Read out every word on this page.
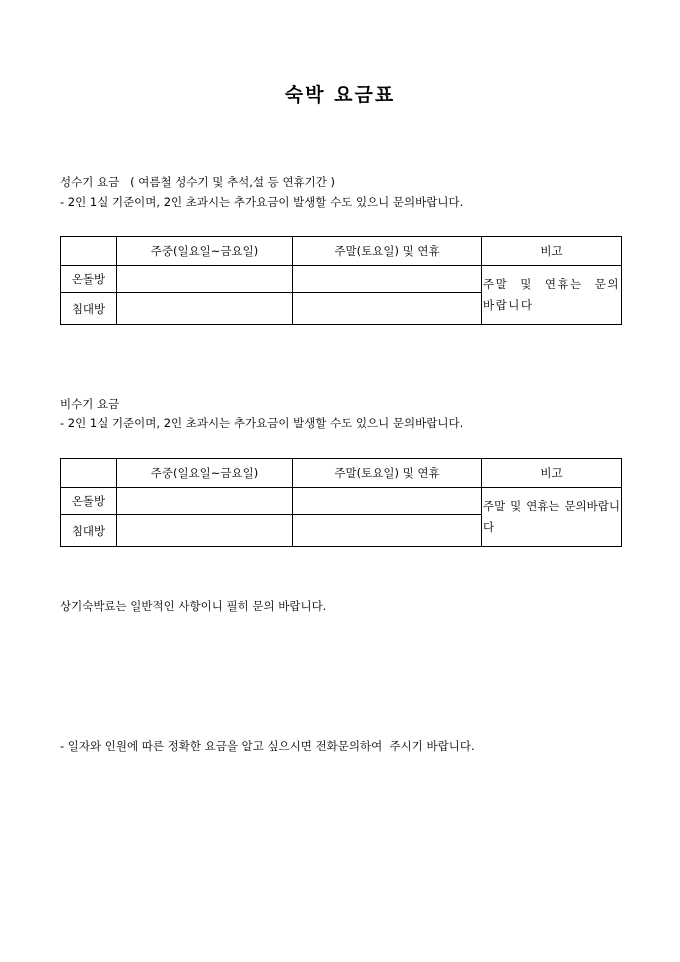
숙박 요금표
성수기 요금   ( 여름철 성수기 및 추석,설 등 연휴기간 )
- 2인 1실 기준이며, 2인 초과시는 추가요금이 발생할 수도 있으니 문의바랍니다.
	주중(일요일~금요일)	주말(토요일) 및 연휴	비고
온돌방			주말 및 연휴는 문의바랍니다
침대방			
비수기 요금
- 2인 1실 기준이며, 2인 초과시는 추가요금이 발생할 수도 있으니 문의바랍니다.
	주중(일요일~금요일)	주말(토요일) 및 연휴	비고
온돌방			주말 및 연휴는 문의바랍니다
침대방			
상기숙박료는 일반적인 사항이니 필히 문의 바랍니다.
- 일자와 인원에 따른 정확한 요금을 알고 싶으시면 전화문의하여  주시기 바랍니다.
